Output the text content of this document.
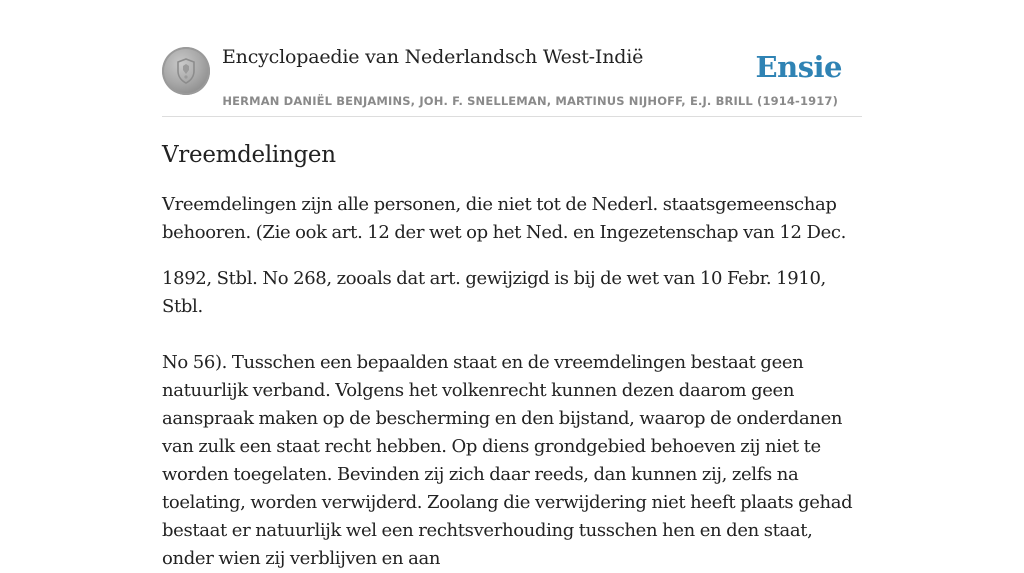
Encyclopaedie van Nederlandsch West-Indië	Ensie
HERMAN DANIËL BENJAMINS, JOH. F. SNELLEMAN, MARTINUS NIJHOFF, E.J. BRILL (1914-1917)
Vreemdelingen

Vreemdelingen zijn alle personen, die niet tot de Nederl. staatsgemeenschap behooren. (Zie ook art. 12 der wet op het Ned. en Ingezetenschap van 12 Dec.

1892, Stbl. No 268, zooals dat art. gewijzigd is bij de wet van 10 Febr. 1910, Stbl.

No 56). Tusschen een bepaalden staat en de vreemdelingen bestaat geen natuurlijk verband. Volgens het volkenrecht kunnen dezen daarom geen aanspraak maken op de bescherming en den bijstand, waarop de onderdanen van zulk een staat recht hebben. Op diens grondgebied behoeven zij niet te worden toegelaten. Bevinden zij zich daar reeds, dan kunnen zij, zelfs na toelating, worden verwijderd. Zoolang die verwijdering niet heeft plaats gehad bestaat er natuurlijk wel een rechtsverhouding tusschen hen en den staat, onder wien zij verblijven en aan
